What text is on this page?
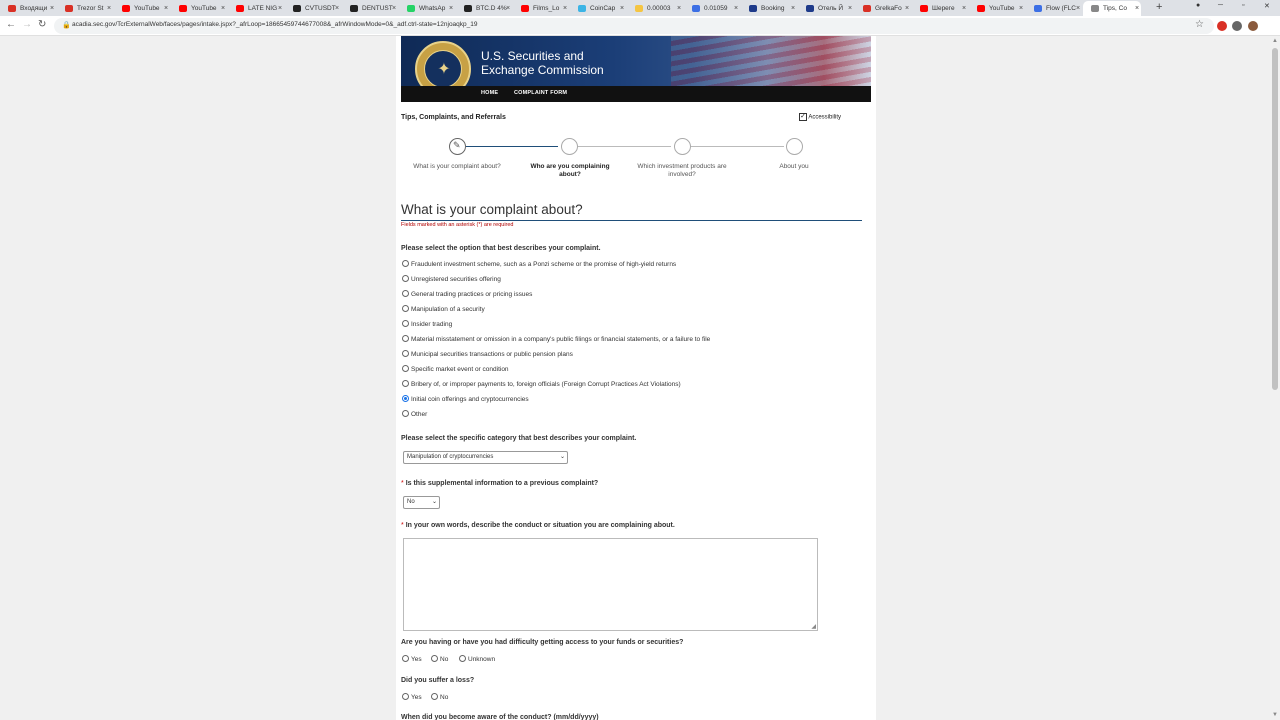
Входящи ×	Trezor St ×	YouTube ×	YouTube ×	LATE NIG ×	CVTUSDT ×	DENTUST ×	WhatsAp ×	BTC.D 4% ×	Films_Lo ×	CoinCap ×	0.00003 ×	0.01059 ×	Booking ×	Отель Й ×	GrelkaFo ×	Шереге ×	YouTube ×	Flow (FLC ×	Tips, Co × +	●	─	▫	✕
← → ↻ 🔒 acadia.sec.gov/TcrExternalWeb/faces/pages/intake.jspx?_afrLoop=18665459744677008&_afrWindowMode=0&_adf.ctrl-state=12njoaqkp_19	☆
✦
U.S. Securities and
Exchange Commission
HOME	COMPLAINT FORM
Tips, Complaints, and Referrals	✓ Accessibility
✎
What is your complaint about?	Who are you complaining about?
Which investment products are involved?
About you
What is your complaint about?
Fields marked with an asterisk (*) are required
Please select the option that best describes your complaint.
Fraudulent investment scheme, such as a Ponzi scheme or the promise of high-yield returns
Unregistered securities offering
General trading practices or pricing issues
Manipulation of a security
Insider trading
Material misstatement or omission in a company's public filings or financial statements, or a failure to file
Municipal securities transactions or public pension plans
Specific market event or condition
Bribery of, or improper payments to, foreign officials (Foreign Corrupt Practices Act Violations)
Initial coin offerings and cryptocurrencies
Other
Please select the specific category that best describes your complaint.
Manipulation of cryptocurrencies	⌄
* Is this supplemental information to a previous complaint?
No	⌄
* In your own words, describe the conduct or situation you are complaining about.
◢
Are you having or have you had difficulty getting access to your funds or securities?
Yes	No	Unknown
Did you suffer a loss?
Yes	No
When did you become aware of the conduct? (mm/dd/yyyy)
▲
▼
